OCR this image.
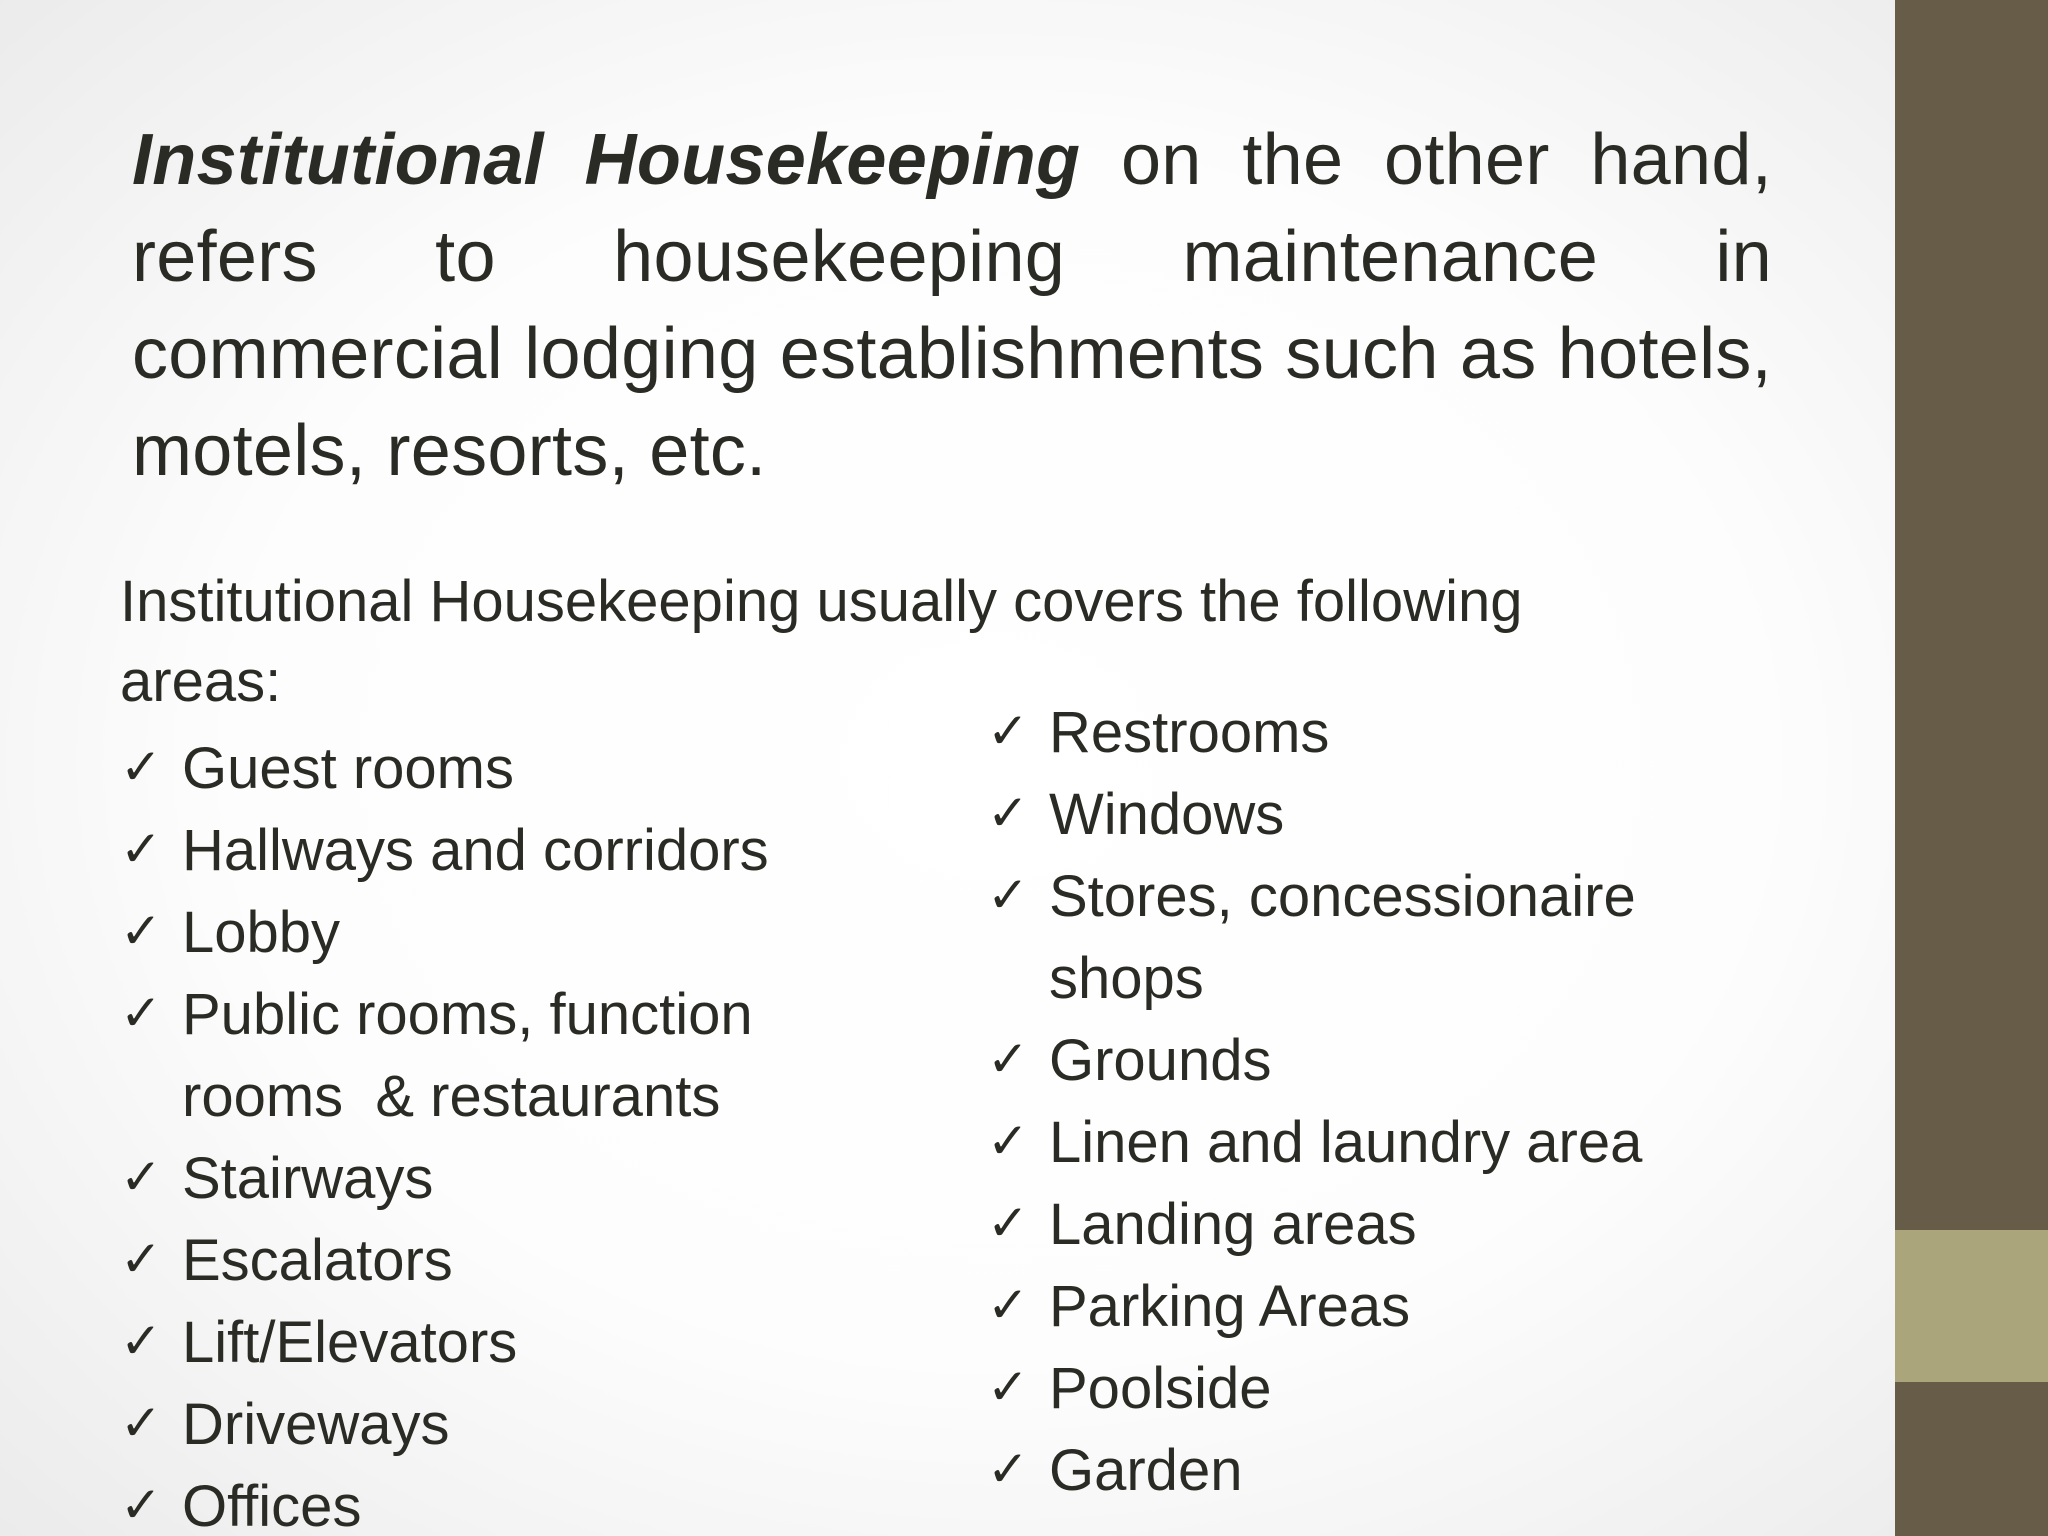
Institutional Housekeeping on the other hand, refers to housekeeping maintenance in commercial lodging establishments such as hotels, motels, resorts, etc.

Institutional Housekeeping usually covers the following areas:
✓ Guest rooms
✓ Hallways and corridors
✓ Lobby
✓ Public rooms, function rooms  & restaurants
✓ Stairways
✓ Escalators
✓ Lift/Elevators
✓ Driveways
✓ Offices
✓ Restrooms
✓ Windows
✓ Stores, concessionaire shops
✓ Grounds
✓ Linen and laundry area
✓ Landing areas
✓ Parking Areas
✓ Poolside
✓ Garden
